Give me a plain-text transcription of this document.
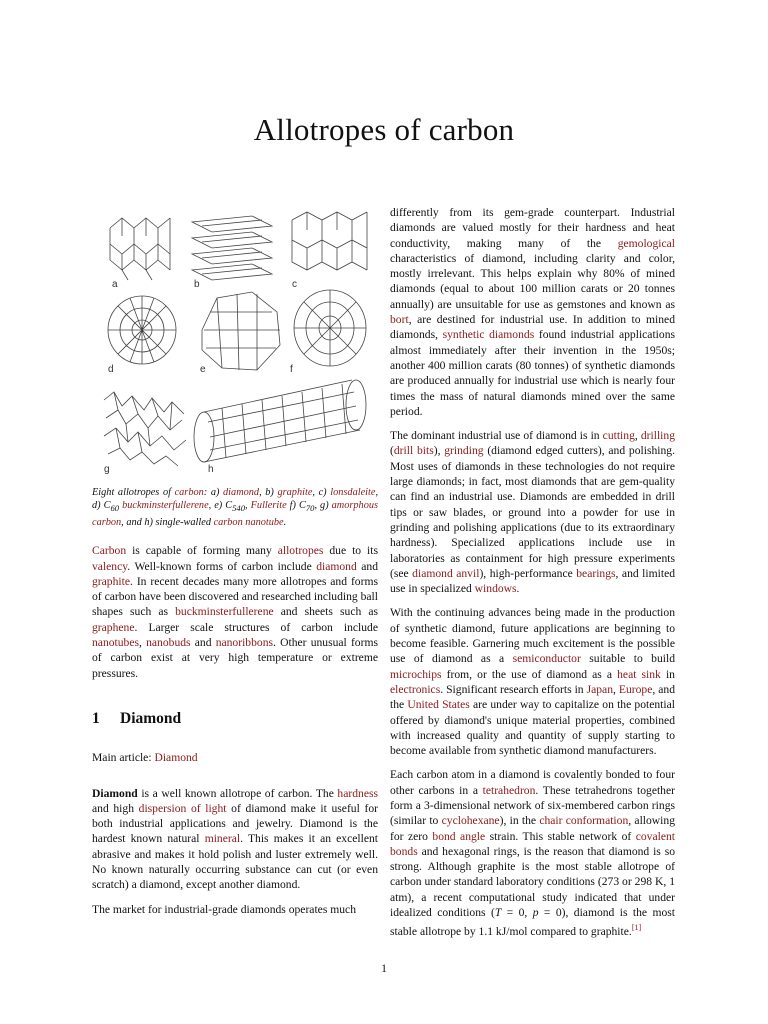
Allotropes of carbon
a	b	c
d	e	f
g	h
Eight allotropes of carbon: a) diamond, b) graphite, c) lonsdaleite, d) $C_{60}$ buckminsterfullerene, e) $C_{540}$, Fullerite f) $C_{70}$, g) amorphous carbon, and h) single-walled carbon nanotube.

Carbon is capable of forming many allotropes due to its valency. Well-known forms of carbon include diamond and graphite. In recent decades many more allotropes and forms of carbon have been discovered and researched including ball shapes such as buckminsterfullerene and sheets such as graphene. Larger scale structures of carbon include nanotubes, nanobuds and nanoribbons. Other unusual forms of carbon exist at very high temperature or extreme pressures.

1 Diamond
Main article: Diamond

Diamond is a well known allotrope of carbon. The hardness and high dispersion of light of diamond make it useful for both industrial applications and jewelry. Diamond is the hardest known natural mineral. This makes it an excellent abrasive and makes it hold polish and luster extremely well. No known naturally occurring substance can cut (or even scratch) a diamond, except another diamond.

The market for industrial-grade diamonds operates much

differently from its gem-grade counterpart. Industrial diamonds are valued mostly for their hardness and heat conductivity, making many of the gemological characteristics of diamond, including clarity and color, mostly irrelevant. This helps explain why 80% of mined diamonds (equal to about 100 million carats or 20 tonnes annually) are unsuitable for use as gemstones and known as bort, are destined for industrial use. In addition to mined diamonds, synthetic diamonds found industrial applications almost immediately after their invention in the 1950s; another 400 million carats (80 tonnes) of synthetic diamonds are produced annually for industrial use which is nearly four times the mass of natural diamonds mined over the same period.

The dominant industrial use of diamond is in cutting, drilling (drill bits), grinding (diamond edged cutters), and polishing. Most uses of diamonds in these technologies do not require large diamonds; in fact, most diamonds that are gem-quality can find an industrial use. Diamonds are embedded in drill tips or saw blades, or ground into a powder for use in grinding and polishing applications (due to its extraordinary hardness). Specialized applications include use in laboratories as containment for high pressure experiments (see diamond anvil), high-performance bearings, and limited use in specialized windows.

With the continuing advances being made in the production of synthetic diamond, future applications are beginning to become feasible. Garnering much excitement is the possible use of diamond as a semiconductor suitable to build microchips from, or the use of diamond as a heat sink in electronics. Significant research efforts in Japan, Europe, and the United States are under way to capitalize on the potential offered by diamond's unique material properties, combined with increased quality and quantity of supply starting to become available from synthetic diamond manufacturers.

Each carbon atom in a diamond is covalently bonded to four other carbons in a tetrahedron. These tetrahedrons together form a 3-dimensional network of six-membered carbon rings (similar to cyclohexane), in the chair conformation, allowing for zero bond angle strain. This stable network of covalent bonds and hexagonal rings, is the reason that diamond is so strong. Although graphite is the most stable allotrope of carbon under standard laboratory conditions (273 or 298 K, 1 atm), a recent computational study indicated that under idealized conditions (T = 0, p = 0), diamond is the most stable allotrope by 1.1 kJ/mol compared to graphite.[1]

1
